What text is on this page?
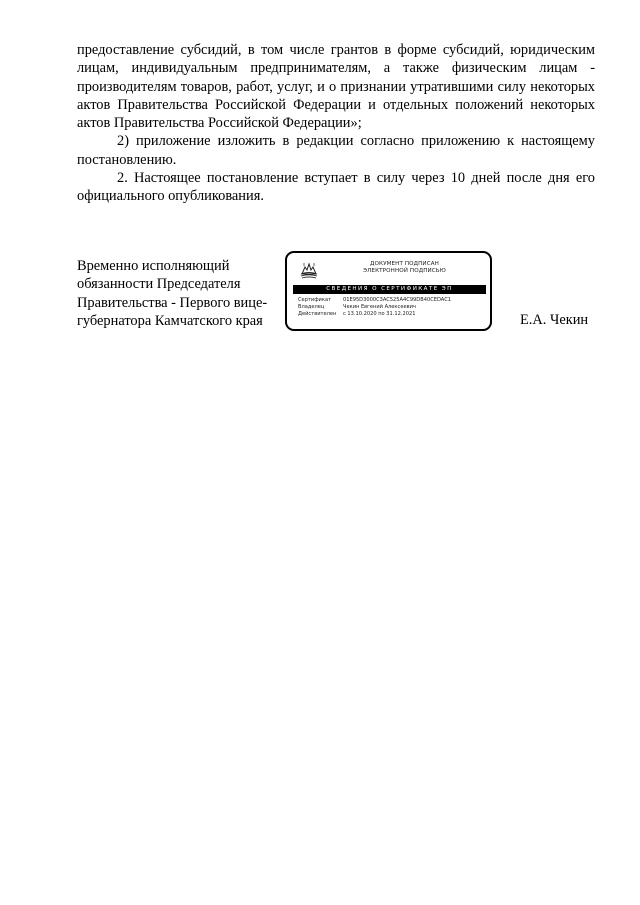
предоставление субсидий, в том числе грантов в форме субсидий, юридическим лицам, индивидуальным предпринимателям, а также физическим лицам - производителям товаров, работ, услуг, и о признании утратившими силу некоторых актов Правительства Российской Федерации и отдельных положений некоторых актов Правительства Российской Федерации»;

2) приложение изложить в редакции согласно приложению к настоящему постановлению.

2. Настоящее постановление вступает в силу через 10 дней после дня его официального опубликования.

Временно исполняющий
обязанности Председателя
Правительства - Первого вице-
губернатора Камчатского края
ДОКУМЕНТ ПОДПИСАН
ЭЛЕКТРОННОЙ ПОДПИСЬЮ
СВЕДЕНИЯ О СЕРТИФИКАТЕ ЭП
Сертификат	01E95D3000C3AC525A4C99DB40CEDAC1
Владелец	Чекин Евгений Алексеевич
Действителен	с 13.10.2020 по 31.12.2021	Е.А. Чекин
